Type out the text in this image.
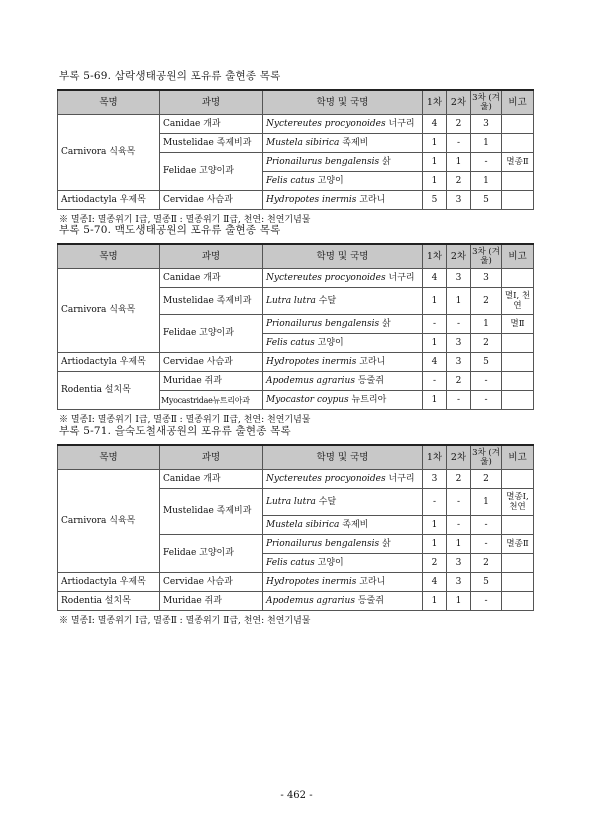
부록 5-69. 삼락생태공원의 포유류 출현종 목록
목명	과명	학명 및 국명	1차	2차	3차 (겨울)	비고
Carnivora 식육목	Canidae 개과	Nyctereutes procyonoides 너구리	4	2	3	
	Mustelidae 족제비과	Mustela sibirica 족제비	1	-	1	
	Felidae 고양이과	Prionailurus bengalensis 삵	1	1	-	멸종Ⅱ
		Felis catus 고양이	1	2	1	
Artiodactyla 우제목	Cervidae 사슴과	Hydropotes inermis 고라니	5	3	5	
※ 멸종Ⅰ: 멸종위기 Ⅰ급, 멸종Ⅱ : 멸종위기 Ⅱ급, 천연: 천연기념물
부록 5-70. 맥도생태공원의 포유류 출현종 목록
목명	과명	학명 및 국명	1차	2차	3차 (겨울)	비고
Carnivora 식육목	Canidae 개과	Nyctereutes procyonoides 너구리	4	3	3	
	Mustelidae 족제비과	Lutra lutra 수달	1	1	2	멸Ⅰ, 천연
	Felidae 고양이과	Prionailurus bengalensis 삵	-	-	1	멸Ⅱ
		Felis catus 고양이	1	3	2	
Artiodactyla 우제목	Cervidae 사슴과	Hydropotes inermis 고라니	4	3	5	
Rodentia 설치목	Muridae 쥐과	Apodemus agrarius 등줄쥐	-	2	-	
	Myocastridae뉴트리아과	Myocastor coypus 뉴트리아	1	-	-	
※ 멸종Ⅰ: 멸종위기 Ⅰ급, 멸종Ⅱ : 멸종위기 Ⅱ급, 천연: 천연기념물
부록 5-71. 을숙도철새공원의 포유류 출현종 목록
목명	과명	학명 및 국명	1차	2차	3차 (겨울)	비고
Carnivora 식육목	Canidae 개과	Nyctereutes procyonoides 너구리	3	2	2	
	Mustelidae 족제비과	Lutra lutra 수달	-	-	1	멸종Ⅰ, 천연
		Mustela sibirica 족제비	1	-	-	
	Felidae 고양이과	Prionailurus bengalensis 삵	1	1	-	멸종Ⅱ
		Felis catus 고양이	2	3	2	
Artiodactyla 우제목	Cervidae 사슴과	Hydropotes inermis 고라니	4	3	5	
Rodentia 설치목	Muridae 쥐과	Apodemus agrarius 등줄쥐	1	1	-	
※ 멸종Ⅰ: 멸종위기 Ⅰ급, 멸종Ⅱ : 멸종위기 Ⅱ급, 천연: 천연기념물
- 462 -
